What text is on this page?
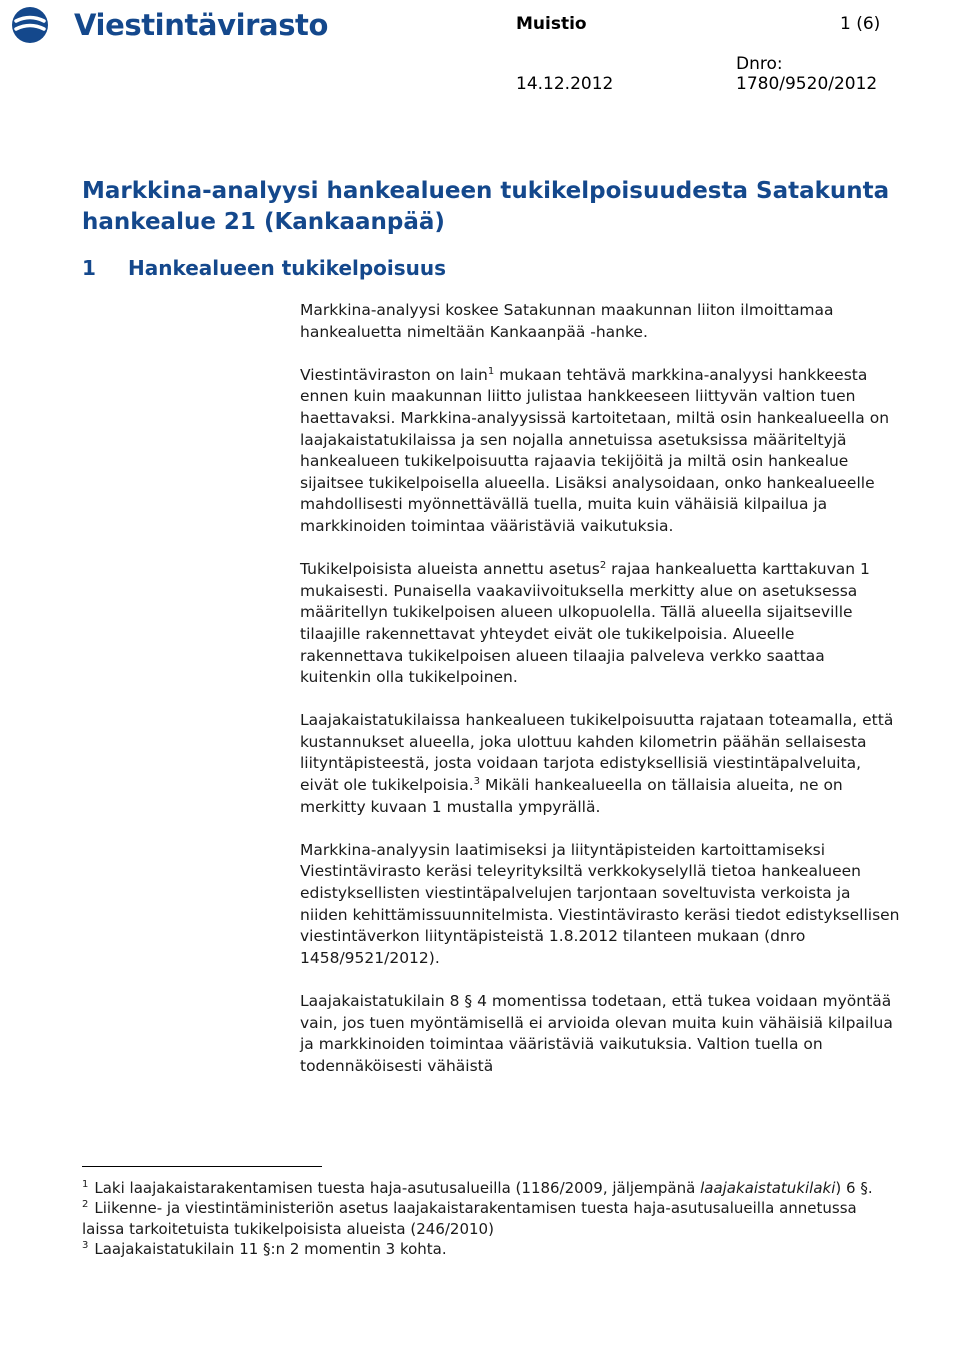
Viestintävirasto	Muistio	1 (6)
Dnro:
14.12.2012	1780/9520/2012
Markkina-analyysi hankealueen tukikelpoisuudesta Satakunta hankealue 21 (Kankaanpää)
1 Hankealueen tukikelpoisuus

Markkina-analyysi koskee Satakunnan maakunnan liiton ilmoittamaa hankealuetta nimeltään Kankaanpää -hanke.

Viestintäviraston on lain$^1$ mukaan tehtävä markkina-analyysi hankkeesta ennen kuin maakunnan liitto julistaa hankkeeseen liittyvän valtion tuen haettavaksi. Markkina-analyysissä kartoitetaan, miltä osin hankealueella on laajakaistatukilaissa ja sen nojalla annetuissa asetuksissa määriteltyjä hankealueen tukikelpoisuutta rajaavia tekijöitä ja miltä osin hankealue sijaitsee tukikelpoisella alueella. Lisäksi analysoidaan, onko hankealueelle mahdollisesti myönnettävällä tuella, muita kuin vähäisiä kilpailua ja markkinoiden toimintaa vääristäviä vaikutuksia.

Tukikelpoisista alueista annettu asetus$^2$ rajaa hankealuetta karttakuvan 1 mukaisesti. Punaisella vaakaviivoituksella merkitty alue on asetuksessa määritellyn tukikelpoisen alueen ulkopuolella. Tällä alueella sijaitseville tilaajille rakennettavat yhteydet eivät ole tukikelpoisia. Alueelle rakennettava tukikelpoisen alueen tilaajia palveleva verkko saattaa kuitenkin olla tukikelpoinen.

Laajakaistatukilaissa hankealueen tukikelpoisuutta rajataan toteamalla, että kustannukset alueella, joka ulottuu kahden kilometrin päähän sellaisesta liityntäpisteestä, josta voidaan tarjota edistyksellisiä viestintäpalveluita, eivät ole tukikelpoisia.$^3$ Mikäli hankealueella on tällaisia alueita, ne on merkitty kuvaan 1 mustalla ympyrällä.

Markkina-analyysin laatimiseksi ja liityntäpisteiden kartoittamiseksi Viestintävirasto keräsi teleyrityksiltä verkkokyselyllä tietoa hankealueen edistyksellisten viestintäpalvelujen tarjontaan soveltuvista verkoista ja niiden kehittämissuunnitelmista. Viestintävirasto keräsi tiedot edistyksellisen viestintäverkon liityntäpisteistä 1.8.2012 tilanteen mukaan (dnro 1458/9521/2012).

Laajakaistatukilain 8 § 4 momentissa todetaan, että tukea voidaan myöntää vain, jos tuen myöntämisellä ei arvioida olevan muita kuin vähäisiä kilpailua ja markkinoiden toimintaa vääristäviä vaikutuksia. Valtion tuella on todennäköisesti vähäistä

$^1$ Laki laajakaistarakentamisen tuesta haja-asutusalueilla (1186/2009, jäljempänä laajakaistatukilaki) 6 §.

$^2$ Liikenne- ja viestintäministeriön asetus laajakaistarakentamisen tuesta haja-asutusalueilla annetussa laissa tarkoitetuista tukikelpoisista alueista (246/2010)

$^3$ Laajakaistatukilain 11 §:n 2 momentin 3 kohta.
